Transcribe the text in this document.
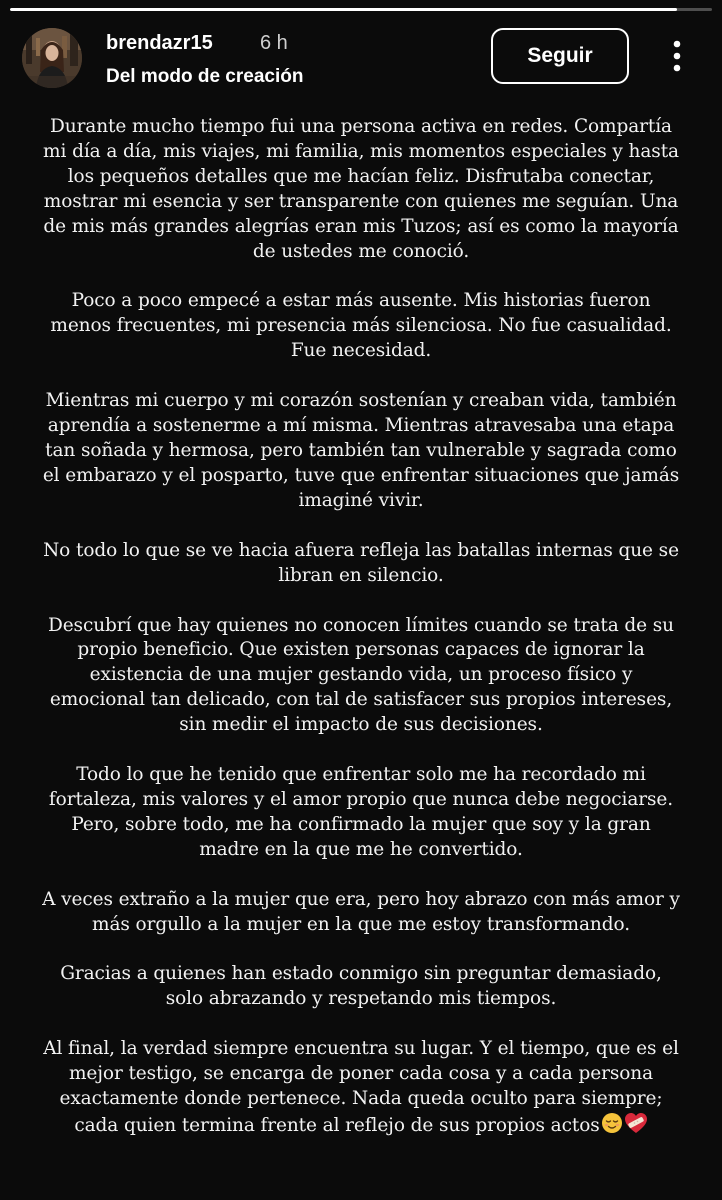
brendazr15 6 h
Del modo de creación
Seguir

Durante mucho tiempo fui una persona activa en redes. Compartía mi día a día, mis viajes, mi familia, mis momentos especiales y hasta los pequeños detalles que me hacían feliz. Disfrutaba conectar, mostrar mi esencia y ser transparente con quienes me seguían. Una de mis más grandes alegrías eran mis Tuzos; así es como la mayoría de ustedes me conoció.

Poco a poco empecé a estar más ausente. Mis historias fueron menos frecuentes, mi presencia más silenciosa. No fue casualidad. Fue necesidad.

Mientras mi cuerpo y mi corazón sostenían y creaban vida, también aprendía a sostenerme a mí misma. Mientras atravesaba una etapa tan soñada y hermosa, pero también tan vulnerable y sagrada como el embarazo y el posparto, tuve que enfrentar situaciones que jamás imaginé vivir.

No todo lo que se ve hacia afuera refleja las batallas internas que se libran en silencio.

Descubrí que hay quienes no conocen límites cuando se trata de su propio beneficio. Que existen personas capaces de ignorar la existencia de una mujer gestando vida, un proceso físico y emocional tan delicado, con tal de satisfacer sus propios intereses, sin medir el impacto de sus decisiones.

Todo lo que he tenido que enfrentar solo me ha recordado mi fortaleza, mis valores y el amor propio que nunca debe negociarse. Pero, sobre todo, me ha confirmado la mujer que soy y la gran madre en la que me he convertido.

A veces extraño a la mujer que era, pero hoy abrazo con más amor y más orgullo a la mujer en la que me estoy transformando.

Gracias a quienes han estado conmigo sin preguntar demasiado, solo abrazando y respetando mis tiempos.

Al final, la verdad siempre encuentra su lugar. Y el tiempo, que es el mejor testigo, se encarga de poner cada cosa y a cada persona exactamente donde pertenece. Nada queda oculto para siempre; cada quien termina frente al reflejo de sus propios actos
